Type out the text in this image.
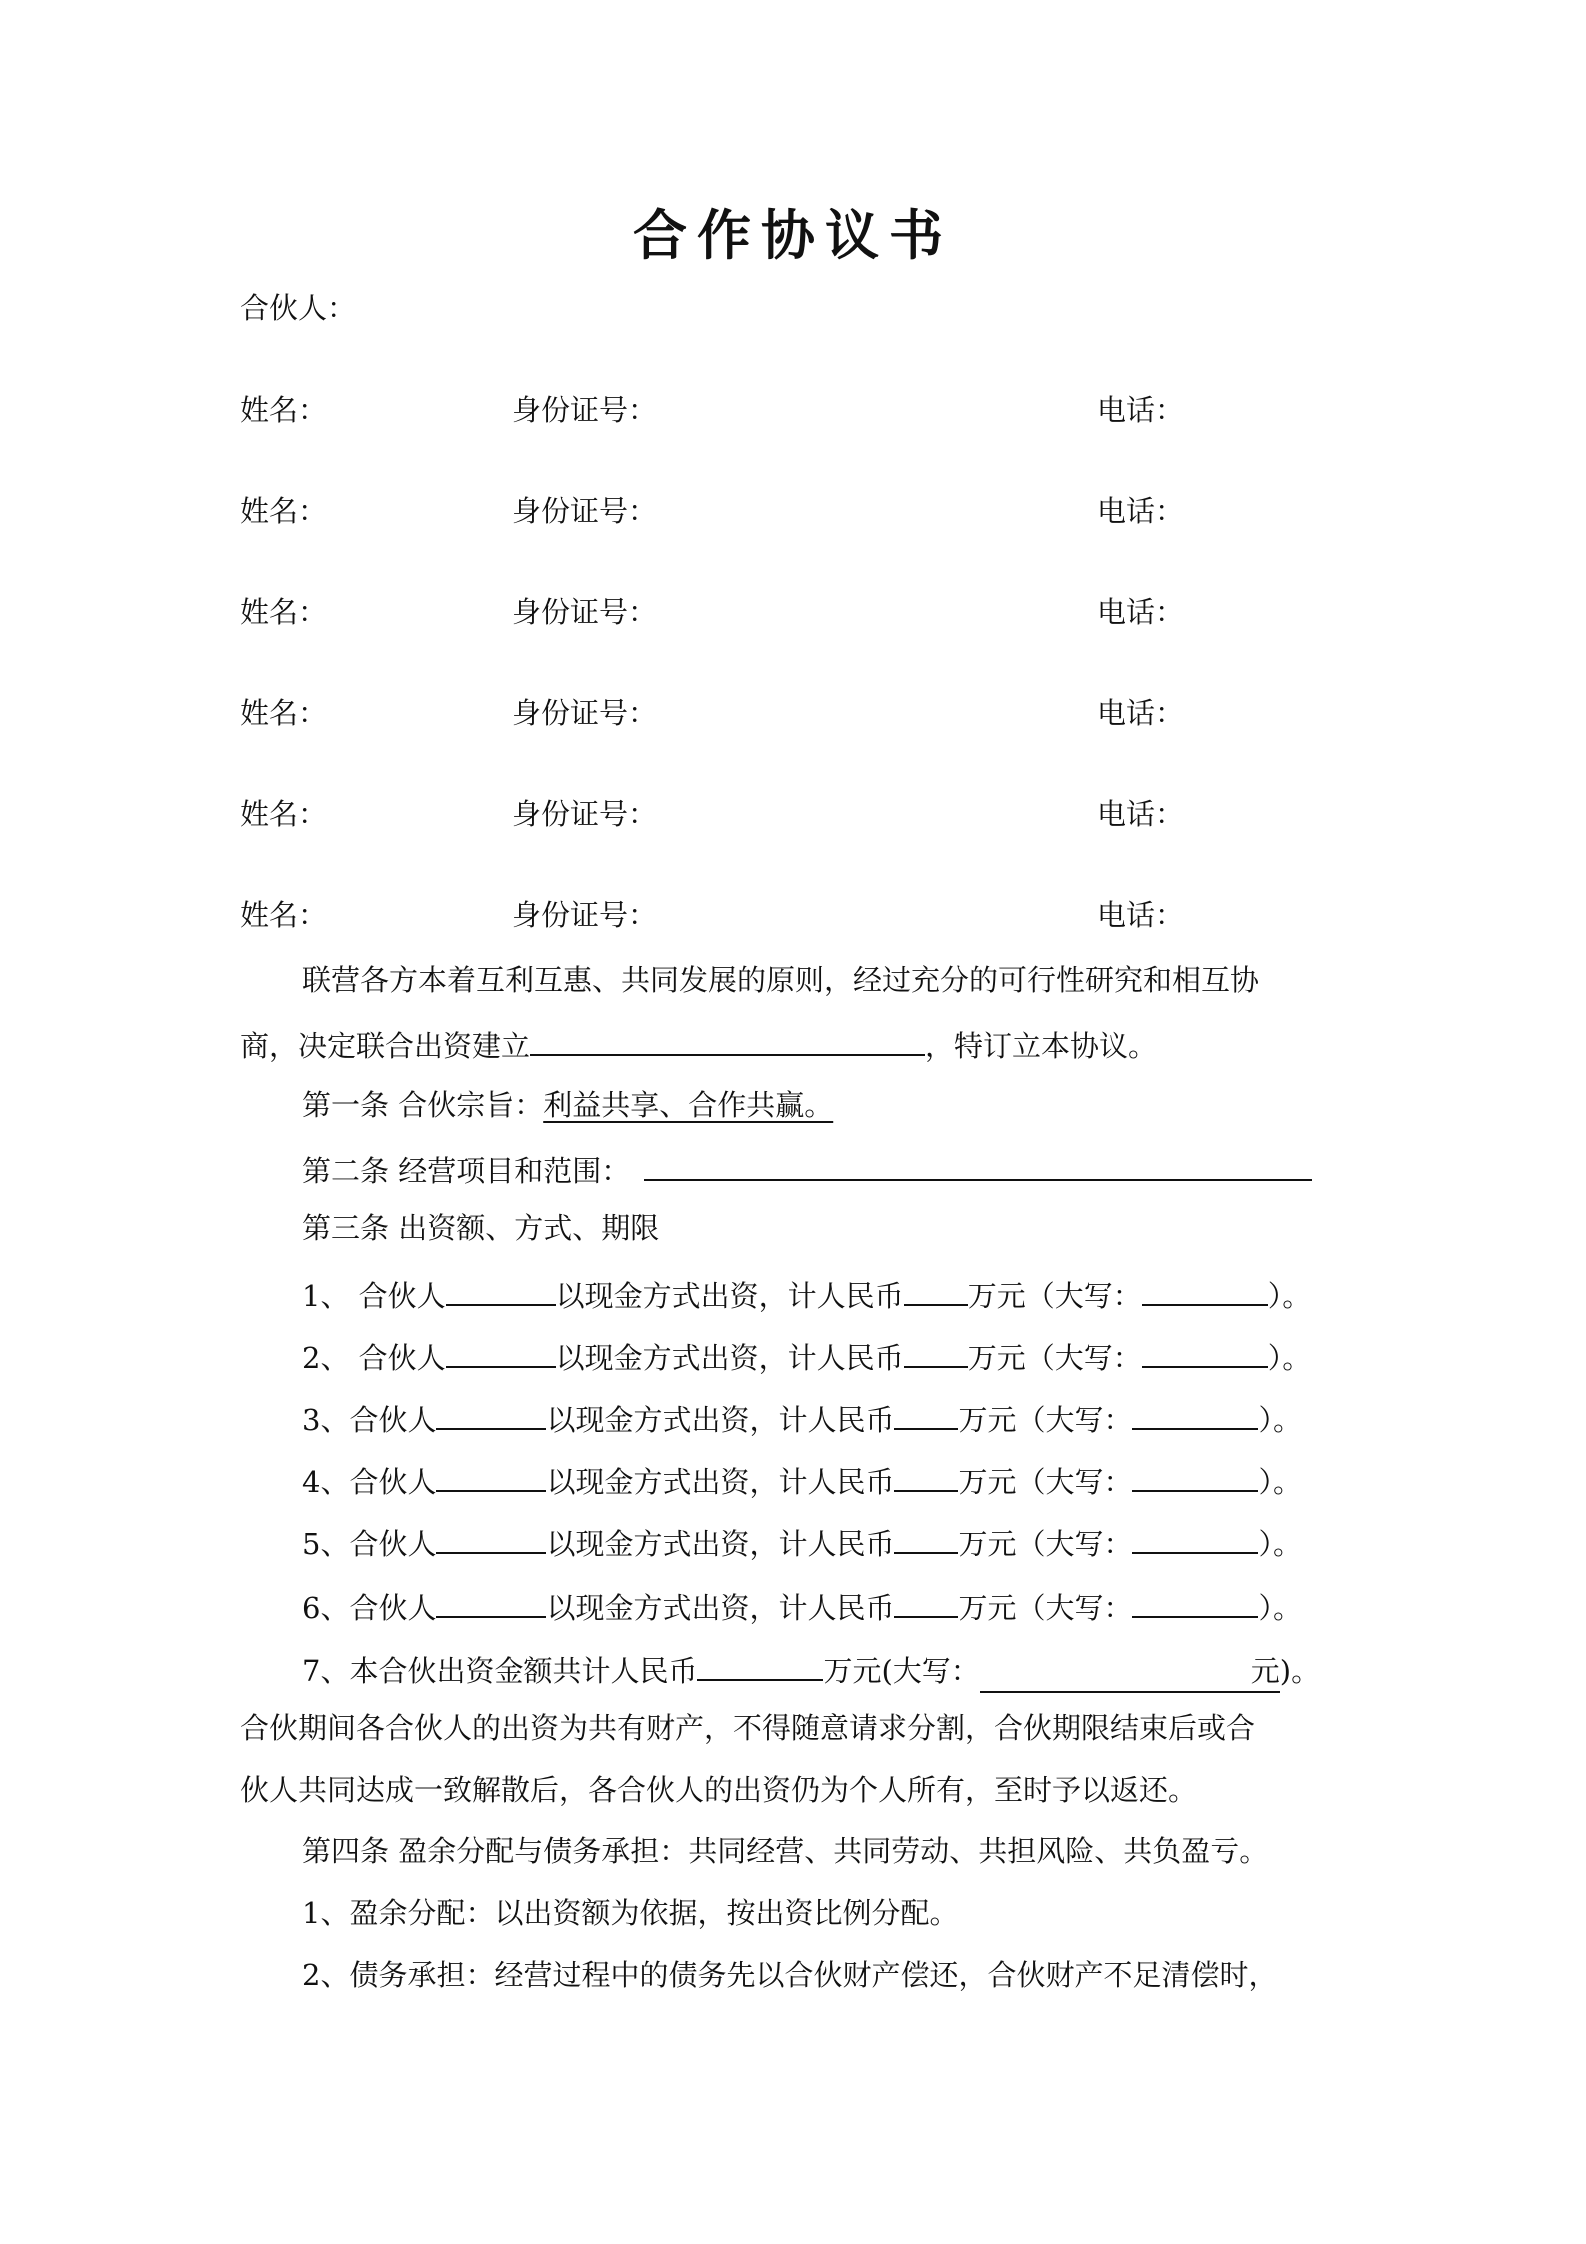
合作协议书
合伙人：
姓名：	身份证号：	电话：
姓名：	身份证号：	电话：
姓名：	身份证号：	电话：
姓名：	身份证号：	电话：
姓名：	身份证号：	电话：
姓名：	身份证号：	电话：
联营各方本着互利互惠、共同发展的原则，经过充分的可行性研究和相互协
商，决定联合出资建立	，特订立本协议。
第一条 合伙宗旨：利益共享、合作共赢。
第二条 经营项目和范围：
第三条 出资额、方式、期限
1、 合伙人	以现金方式出资，计人民币 万元（大写：	）。
2、 合伙人	以现金方式出资，计人民币 万元（大写：	）。
3、合伙人	以现金方式出资，计人民币 万元（大写：	）。
4、合伙人	以现金方式出资，计人民币 万元（大写：	）。
5、合伙人	以现金方式出资，计人民币 万元（大写：	）。
6、合伙人	以现金方式出资，计人民币 万元（大写：	）。
7、本合伙出资金额共计人民币	万元(大写：	元)。
合伙期间各合伙人的出资为共有财产，不得随意请求分割，合伙期限结束后或合
伙人共同达成一致解散后，各合伙人的出资仍为个人所有，至时予以返还。
第四条 盈余分配与债务承担：共同经营、共同劳动、共担风险、共负盈亏。
1、盈余分配：以出资额为依据，按出资比例分配。
2、债务承担：经营过程中的债务先以合伙财产偿还，合伙财产不足清偿时，
